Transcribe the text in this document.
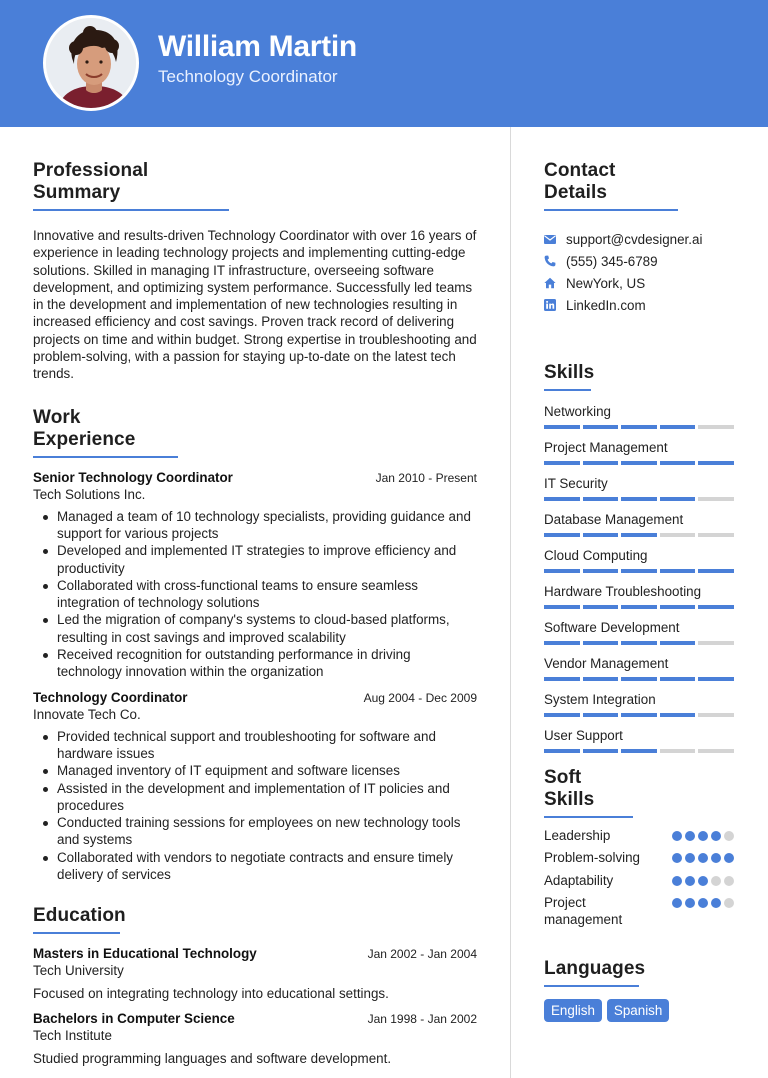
William Martin
Technology Coordinator
Professional Summary

Innovative and results-driven Technology Coordinator with over 16 years of experience in leading technology projects and implementing cutting-edge solutions. Skilled in managing IT infrastructure, overseeing software development, and optimizing system performance. Successfully led teams in the development and implementation of new technologies resulting in increased efficiency and cost savings. Proven track record of delivering projects on time and within budget. Strong expertise in troubleshooting and problem-solving, with a passion for staying up-to-date on the latest tech trends.

Work Experience
Senior Technology Coordinator	Jan 2010 - Present
Tech Solutions Inc.
Managed a team of 10 technology specialists, providing guidance and support for various projects
Developed and implemented IT strategies to improve efficiency and productivity
Collaborated with cross-functional teams to ensure seamless integration of technology solutions
Led the migration of company's systems to cloud-based platforms, resulting in cost savings and improved scalability
Received recognition for outstanding performance in driving technology innovation within the organization
Technology Coordinator	Aug 2004 - Dec 2009
Innovate Tech Co.
Provided technical support and troubleshooting for software and hardware issues
Managed inventory of IT equipment and software licenses
Assisted in the development and implementation of IT policies and procedures
Conducted training sessions for employees on new technology tools and systems
Collaborated with vendors to negotiate contracts and ensure timely delivery of services
Education
Masters in Educational Technology	Jan 2002 - Jan 2004
Tech University
Focused on integrating technology into educational settings.
Bachelors in Computer Science	Jan 1998 - Jan 2002
Tech Institute
Studied programming languages and software development.
Contact Details
support@cvdesigner.ai
(555) 345-6789
NewYork, US
LinkedIn.com
Skills
Networking
Project Management
IT Security
Database Management
Cloud Computing
Hardware Troubleshooting
Software Development
Vendor Management
System Integration
User Support
Soft Skills
Leadership
Problem-solving
Adaptability
Project management
Languages
English	Spanish
